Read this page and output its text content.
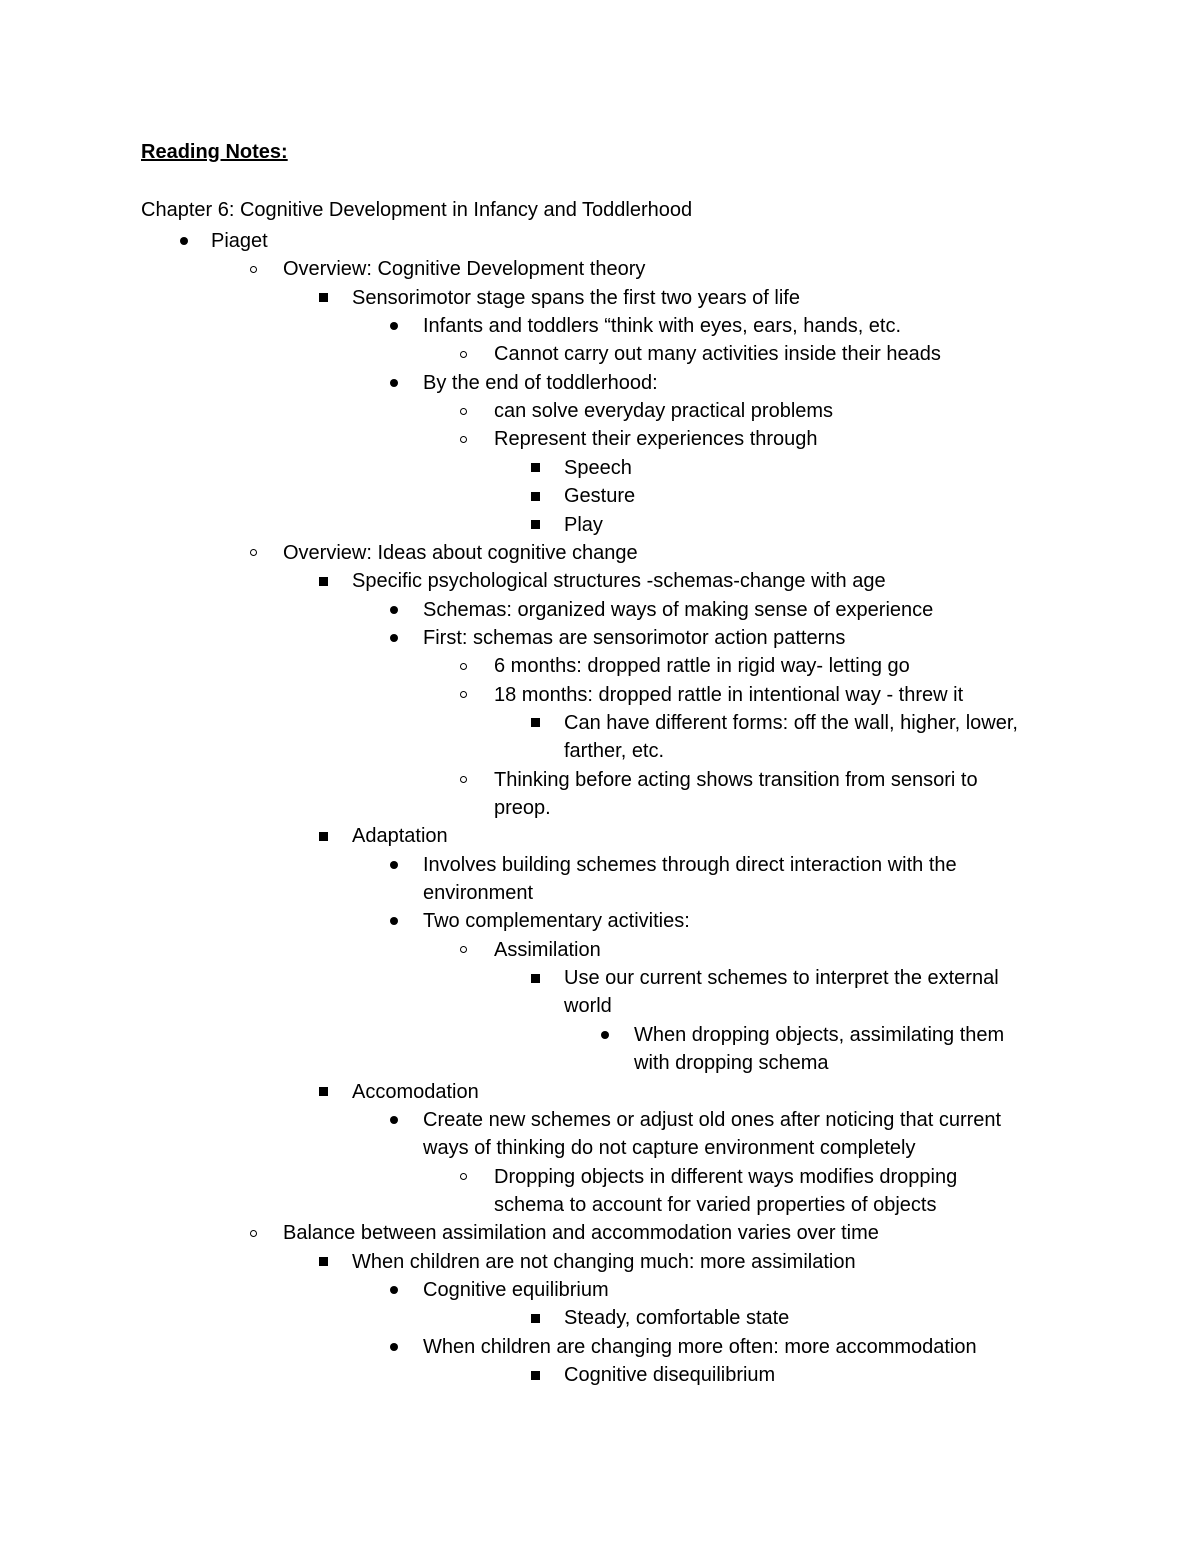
Reading Notes:
Chapter 6: Cognitive Development in Infancy and Toddlerhood
Piaget
Overview: Cognitive Development theory
Sensorimotor stage spans the first two years of life
Infants and toddlers “think with eyes, ears, hands, etc.
Cannot carry out many activities inside their heads
By the end of toddlerhood:
can solve everyday practical problems
Represent their experiences through
Speech
Gesture
Play
Overview: Ideas about cognitive change
Specific psychological structures -schemas-change with age
Schemas: organized ways of making sense of experience
First: schemas are sensorimotor action patterns
6 months: dropped rattle in rigid way- letting go
18 months: dropped rattle in intentional way - threw it
Can have different forms: off the wall, higher, lower,
farther, etc.
Thinking before acting shows transition from sensori to
preop.
Adaptation
Involves building schemes through direct interaction with the
environment
Two complementary activities:
Assimilation
Use our current schemes to interpret the external
world
When dropping objects, assimilating them
with dropping schema
Accomodation
Create new schemes or adjust old ones after noticing that current
ways of thinking do not capture environment completely
Dropping objects in different ways modifies dropping
schema to account for varied properties of objects
Balance between assimilation and accommodation varies over time
When children are not changing much: more assimilation
Cognitive equilibrium
Steady, comfortable state
When children are changing more often: more accommodation
Cognitive disequilibrium
